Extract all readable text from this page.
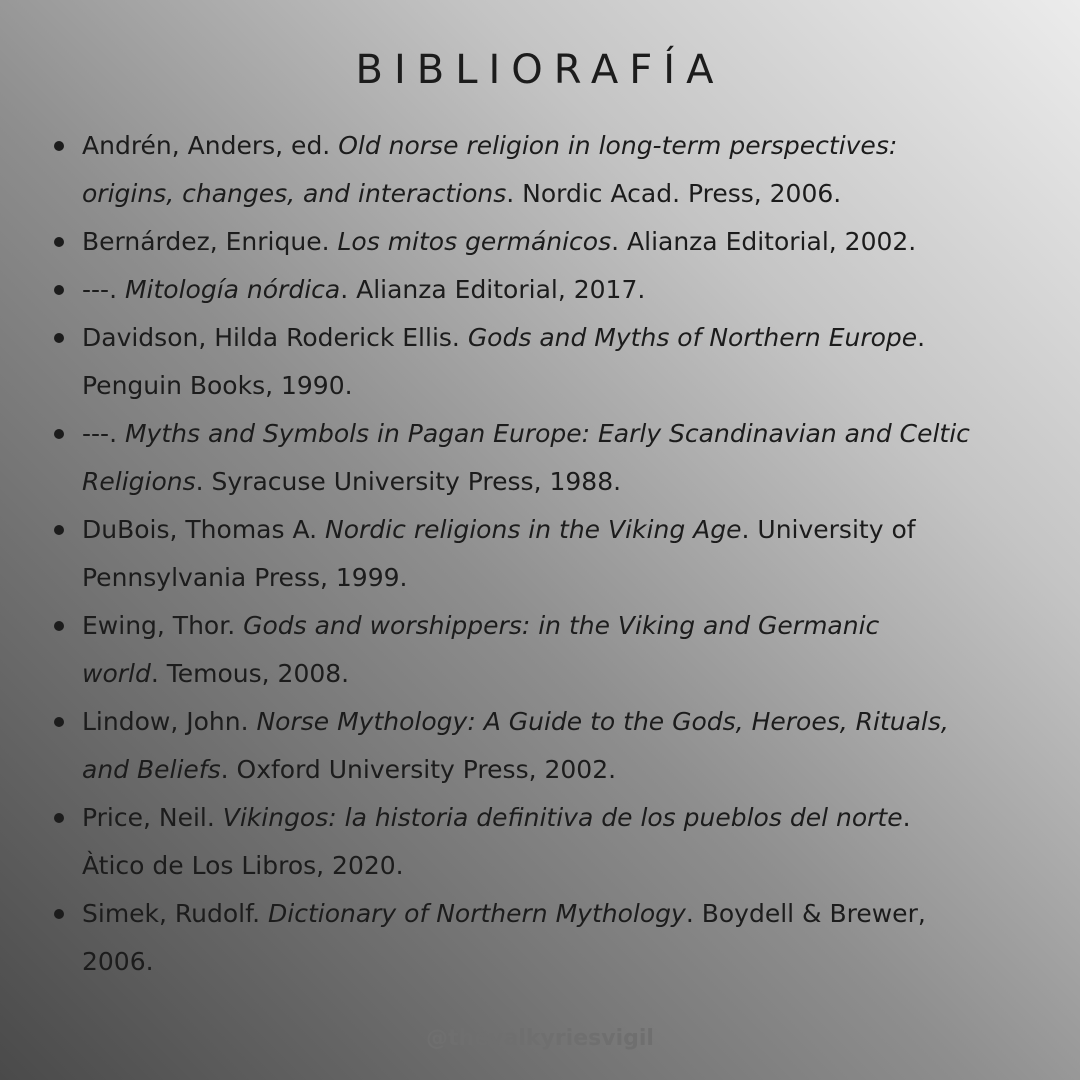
BIBLIORAFÍA
Andrén, Anders, ed. Old norse religion in long-term perspectives:
origins, changes, and interactions. Nordic Acad. Press, 2006.
Bernárdez, Enrique. Los mitos germánicos. Alianza Editorial, 2002.
---. Mitología nórdica. Alianza Editorial, 2017.
Davidson, Hilda Roderick Ellis. Gods and Myths of Northern Europe.
Penguin Books, 1990.
---. Myths and Symbols in Pagan Europe: Early Scandinavian and Celtic
Religions. Syracuse University Press, 1988.
DuBois, Thomas A. Nordic religions in the Viking Age. University of
Pennsylvania Press, 1999.
Ewing, Thor. Gods and worshippers: in the Viking and Germanic
world. Temous, 2008.
Lindow, John. Norse Mythology: A Guide to the Gods, Heroes, Rituals,
and Beliefs. Oxford University Press, 2002.
Price, Neil. Vikingos: la historia definitiva de los pueblos del norte.
Àtico de Los Libros, 2020.
Simek, Rudolf. Dictionary of Northern Mythology. Boydell & Brewer,
2006.
@thevalkyriesvigil
